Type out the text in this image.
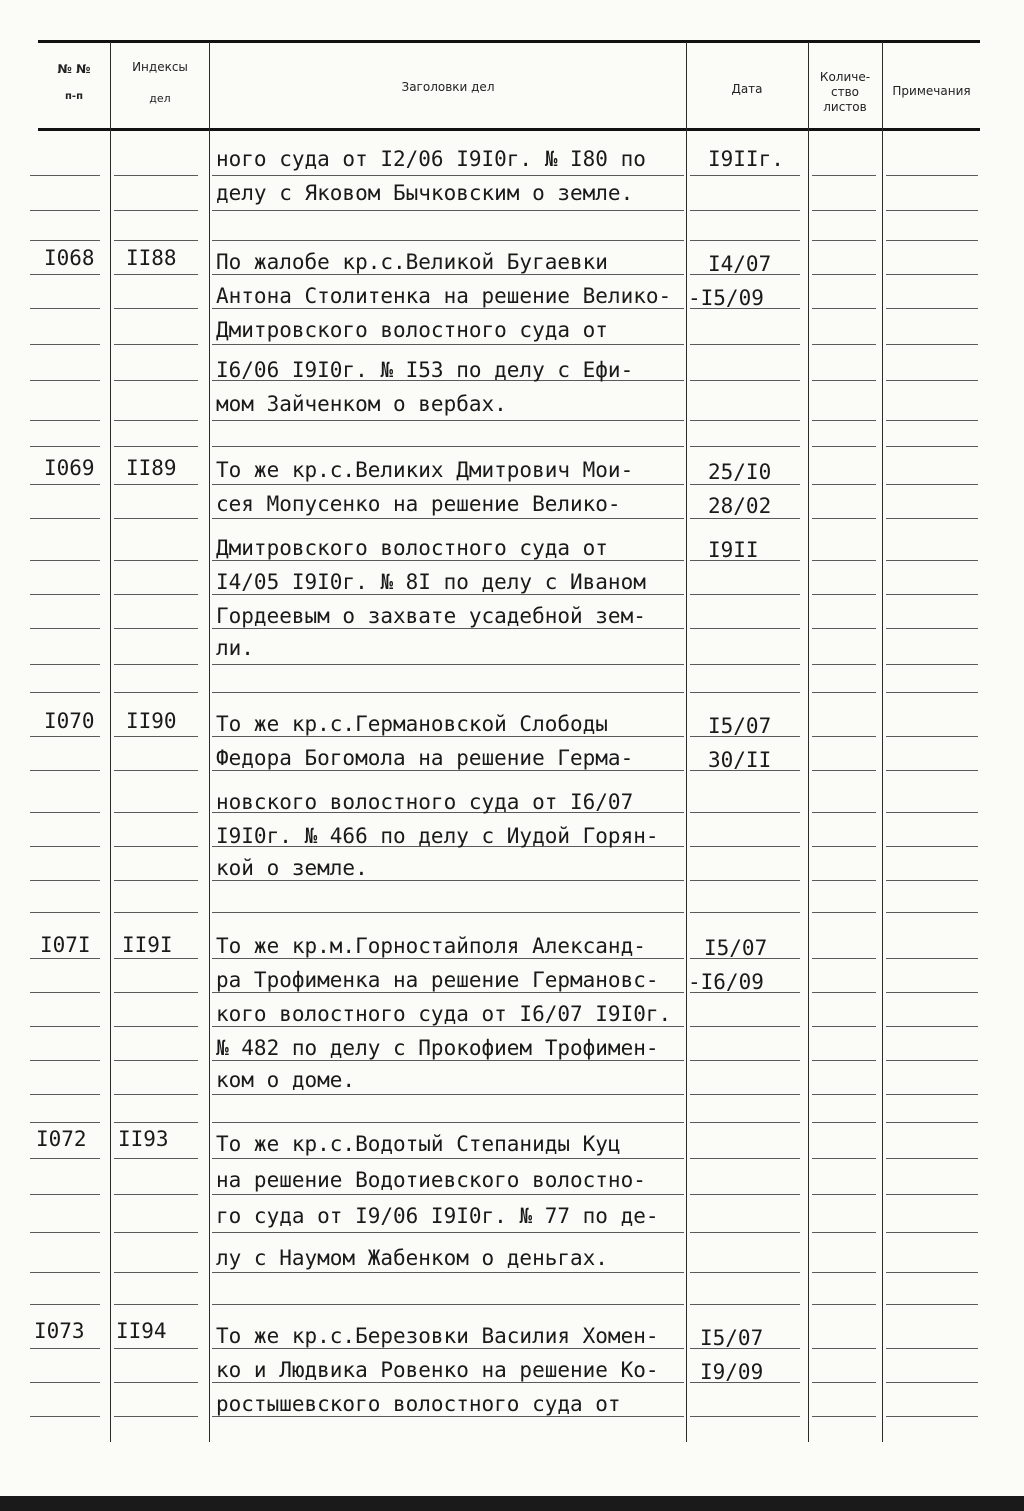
№ №
п-п
Индексы
дел
Заголовки дел	Дата
Количе-
ство
листов
Примечания
ного суда от I2/06 I9I0г. № I80 по
делу с Яковом Бычковским о земле.
I9IIг.
I068 II88 По жалобе кр.с.Великой Бугаевки
Антона Столитенка на решение Велико-
Дмитровского волостного суда от
I6/06 I9I0г. № I53 по делу с Ефи-
мом Зайченком о вербах.
I4/07
-I5/09
I069 II89 То же кр.с.Великих Дмитрович Мои-
сея Мопусенко на решение Велико-
Дмитровского волостного суда от
I4/05 I9I0г. № 8I по делу с Иваном
Гордеевым о захвате усадебной зем-
ли.
25/I0
28/02
I9II
I070 II90 То же кр.с.Германовской Слободы
Федора Богомола на решение Герма-
новского волостного суда от I6/07
I9I0г. № 466 по делу с Иудой Горян-
кой о земле.
I5/07
30/II
I07I II9I То же кр.м.Горностайполя Александ-
ра Трофименка на решение Германовс-
кого волостного суда от I6/07 I9I0г.
№ 482 по делу с Прокофием Трофимен-
ком о доме.
I5/07
-I6/09
I072 II93 То же кр.с.Водотый Степаниды Куц
на решение Водотиевского волостно-
го суда от I9/06 I9I0г. № 77 по де-
лу с Наумом Жабенком о деньгах.
I073 II94 То же кр.с.Березовки Василия Хомен-
ко и Людвика Ровенко на решение Ко-
ростышевского волостного суда от
I5/07
I9/09
